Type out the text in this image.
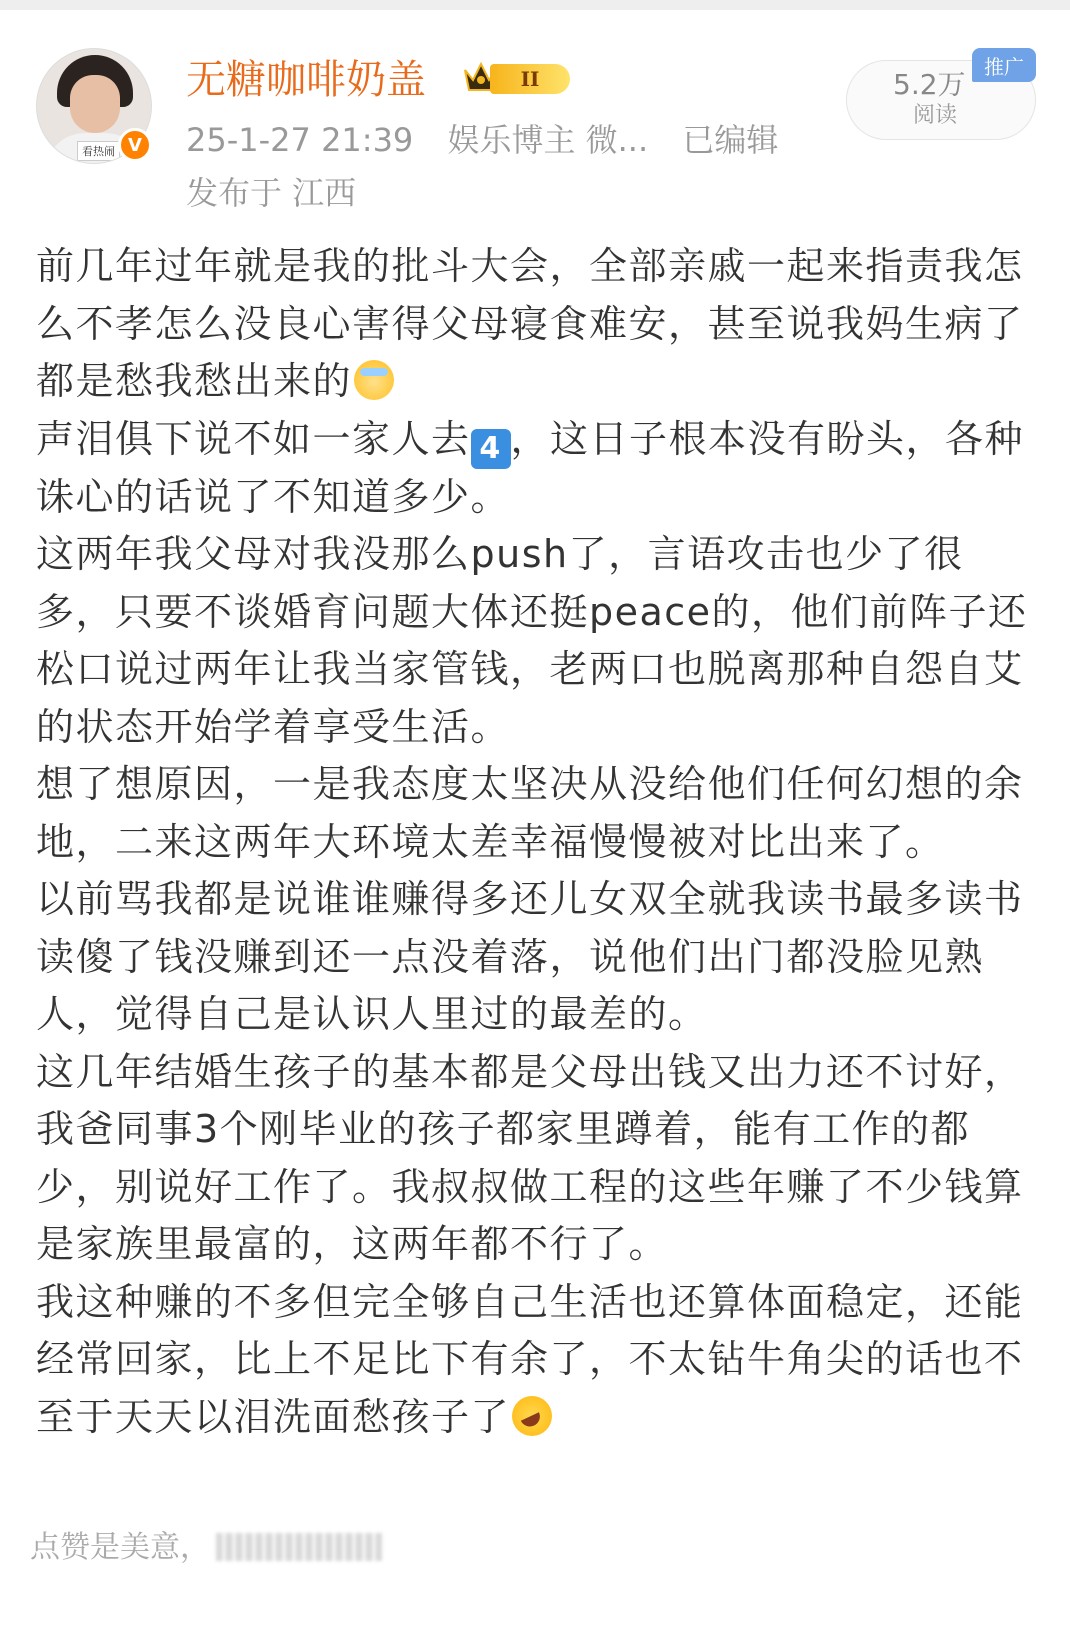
看热闹 V
无糖咖啡奶盖	II
25-1-27 21:39 娱乐博主 微... 已编辑
发布于 江西
5.2万
阅读
推广

前几年过年就是我的批斗大会，全部亲戚一起来指责我怎么不孝怎么没良心害得父母寝食难安，甚至说我妈生病了都是愁我愁出来的

声泪俱下说不如一家人去 4 ，这日子根本没有盼头，各种诛心的话说了不知道多少。

这两年我父母对我没那么push了，言语攻击也少了很多，只要不谈婚育问题大体还挺peace的，他们前阵子还松口说过两年让我当家管钱，老两口也脱离那种自怨自艾的状态开始学着享受生活。

想了想原因，一是我态度太坚决从没给他们任何幻想的余地，二来这两年大环境太差幸福慢慢被对比出来了。

以前骂我都是说谁谁赚得多还儿女双全就我读书最多读书读傻了钱没赚到还一点没着落，说他们出门都没脸见熟人，觉得自己是认识人里过的最差的。

这几年结婚生孩子的基本都是父母出钱又出力还不讨好，我爸同事3个刚毕业的孩子都家里蹲着，能有工作的都少，别说好工作了。我叔叔做工程的这些年赚了不少钱算是家族里最富的，这两年都不行了。

我这种赚的不多但完全够自己生活也还算体面稳定，还能经常回家，比上不足比下有余了，不太钻牛角尖的话也不至于天天以泪洗面愁孩子了

点赞是美意，
